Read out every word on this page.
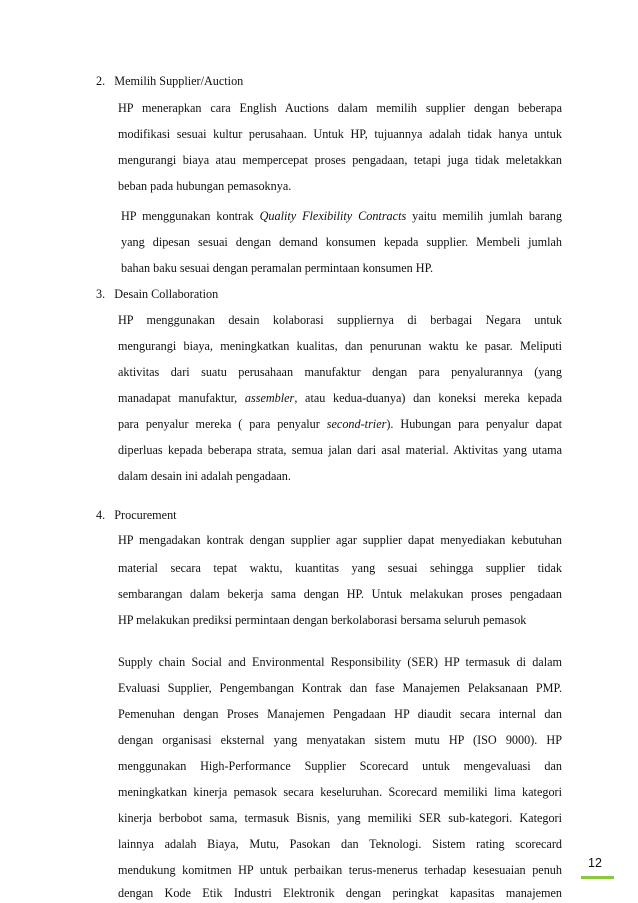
2.   Memilih Supplier/Auction
HP menerapkan cara English Auctions dalam memilih supplier dengan beberapa
modifikasi sesuai kultur perusahaan. Untuk HP, tujuannya adalah tidak hanya untuk
mengurangi biaya atau mempercepat proses pengadaan, tetapi juga tidak meletakkan
beban pada hubungan pemasoknya.
HP menggunakan kontrak Quality Flexibility Contracts yaitu memilih jumlah barang
yang dipesan sesuai dengan demand konsumen kepada supplier. Membeli jumlah
bahan baku sesuai dengan peramalan permintaan konsumen HP.
3.   Desain Collaboration
HP menggunakan desain kolaborasi suppliernya di berbagai Negara untuk
mengurangi biaya, meningkatkan kualitas, dan penurunan waktu ke pasar. Meliputi
aktivitas dari suatu perusahaan manufaktur dengan para penyalurannya (yang
manadapat manufaktur, assembler, atau kedua-duanya) dan koneksi mereka kepada
para penyalur mereka ( para penyalur second-trier). Hubungan para penyalur dapat
diperluas kepada beberapa strata, semua jalan dari asal material. Aktivitas yang utama
dalam desain ini adalah pengadaan.
4.   Procurement
HP mengadakan kontrak dengan supplier agar supplier dapat menyediakan kebutuhan
material secara tepat waktu, kuantitas yang sesuai sehingga supplier tidak
sembarangan dalam bekerja sama dengan HP. Untuk melakukan proses pengadaan
HP melakukan prediksi permintaan dengan berkolaborasi bersama seluruh pemasok
Supply chain Social and Environmental Responsibility (SER) HP termasuk di dalam
Evaluasi Supplier, Pengembangan Kontrak dan fase Manajemen Pelaksanaan PMP.
Pemenuhan dengan Proses Manajemen Pengadaan HP diaudit secara internal dan
dengan organisasi eksternal yang menyatakan sistem mutu HP (ISO 9000). HP
menggunakan High-Performance Supplier Scorecard untuk mengevaluasi dan
meningkatkan kinerja pemasok secara keseluruhan. Scorecard memiliki lima kategori
kinerja berbobot sama, termasuk Bisnis, yang memiliki SER sub-kategori. Kategori
lainnya adalah Biaya, Mutu, Pasokan dan Teknologi. Sistem rating scorecard
mendukung komitmen HP untuk perbaikan terus-menerus terhadap kesesuaian penuh
dengan Kode Etik Industri Elektronik dengan peringkat kapasitas manajemen
12
